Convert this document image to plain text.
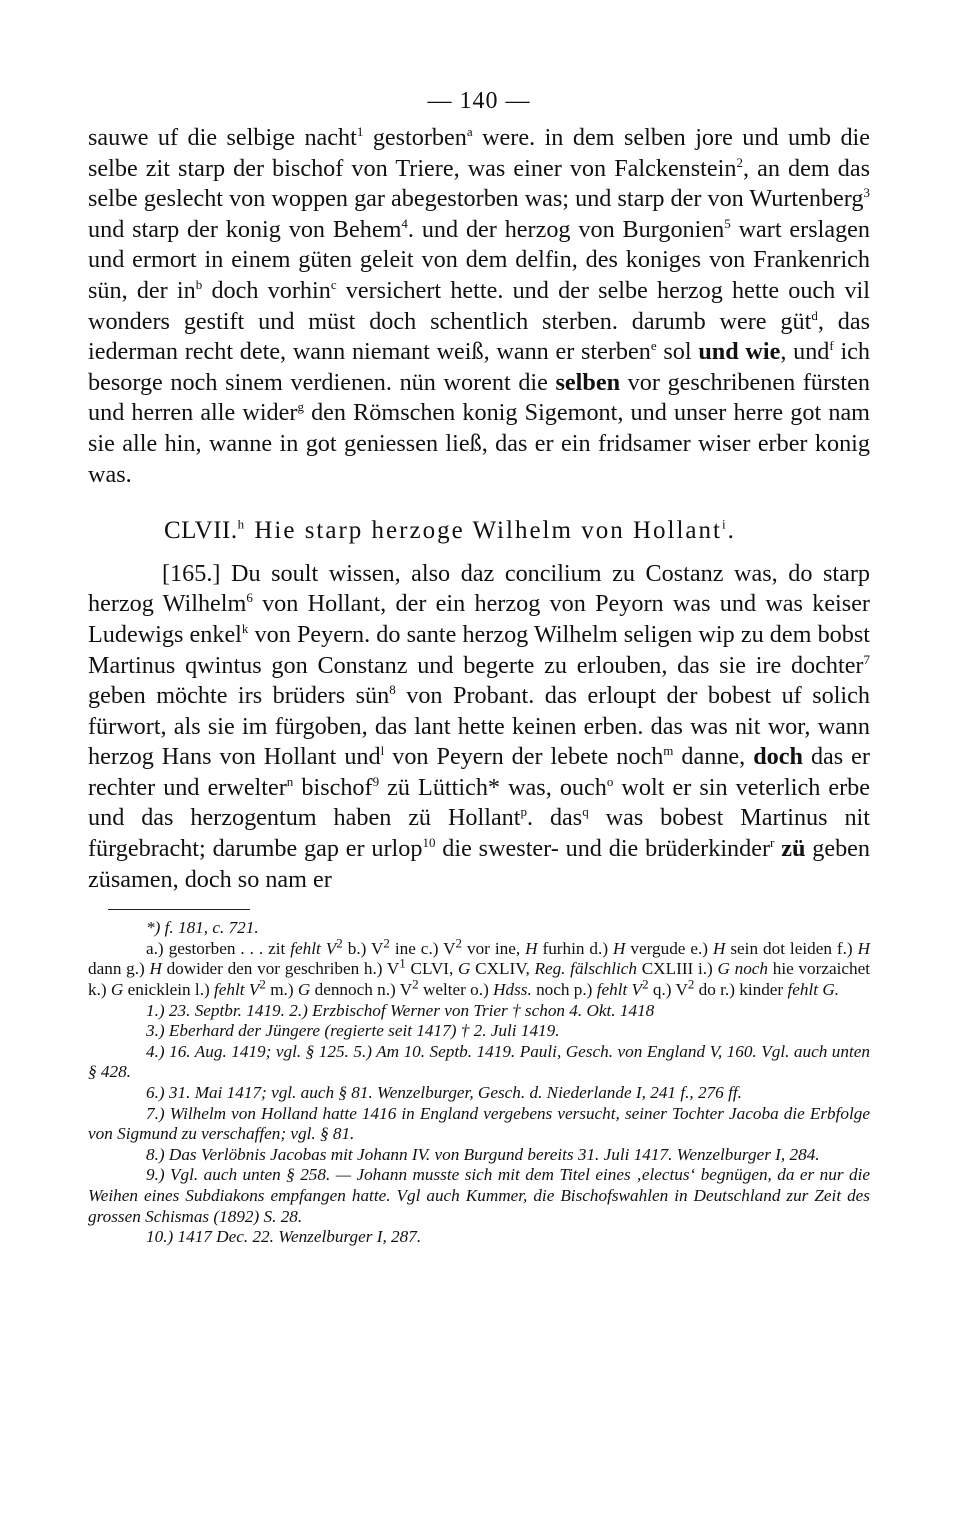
— 140 —

sauwe uf die selbige nacht$^1$ gestorben$^a$ were. in dem selben jore und umb die selbe zit starp der bischof von Triere, was einer von Falckenstein$^2$, an dem das selbe geslecht von woppen gar abegestorben was; und starp der von Wurtenberg$^3$ und starp der konig von Behem$^4$. und der herzog von Burgonien$^5$ wart erslagen und ermort in einem güten geleit von dem delfin, des koniges von Frankenrich sün, der $in^b$ doch vorhin$^c$ versichert hette. und der selbe herzog hette ouch vil wonders gestift und müst doch schentlich sterben. darumb were güt$^d$, das iederman recht dete, wann niemant weiß, wann er sterben$^e$ sol und wie, und$^f$ ich besorge noch sinem verdienen. nün worent die selben vor geschribenen fürsten und herren alle wider$^g$ den Römschen konig Sigemont, und unser herre got nam sie alle hin, wanne in got geniessen ließ, das er ein fridsamer wiser erber konig was.

CLVII.$^h$ Hie starp herzoge Wilhelm von Hollant$^i$.

[165.] Du soult wissen, also daz concilium zu Costanz was, do starp herzog Wilhelm$^6$ von Hollant, der ein herzog von Peyorn was und was keiser Ludewigs enkel$^k$ von Peyern. do sante herzog Wilhelm seligen wip zu dem bobst Martinus qwintus gon Constanz und begerte zu erlouben, das sie ire dochter$^7$ geben möchte irs brüders sün$^8$ von Probant. das erloupt der bobest uf solich fürwort, als sie im fürgoben, das lant hette keinen erben. das was nit wor, wann herzog Hans von Hollant und$^l$ von Peyern der lebete noch$^m$ danne, doch das er rechter und erwelter$^n$ bischof$^9$ zü Lüttich* was, ouch$^o$ wolt er sin veterlich erbe und das herzogentum haben zü Hollant$^p$. das$^q$ was bobest Martinus nit fürgebracht; darumbe gap er urlop$^{10}$ die swester- und die brüderkinder$^r$ zü geben züsamen, doch so nam er

*) f. 181, c. 721.

a.) gestorben . . . zit fehlt $V^2$ b.) $V^2$ ine c.) $V^2$ vor ine, H furhin d.) H vergude e.) H sein dot leiden f.) H dann g.) H dowider den vor geschriben h.) $V^1$ CLVI, G CXLIV, Reg. fälschlich CXLIII i.) G noch hie vorzaichet k.) G enicklein l.) fehlt $V^2$ m.) G dennoch n.) $V^2$ welter o.) Hdss. noch p.) fehlt $V^2$ q.) $V^2$ do r.) kinder fehlt G.

1.) 23. Septbr. 1419. 2.) Erzbischof Werner von Trier † schon 4. Okt. 1418

3.) Eberhard der Jüngere (regierte seit 1417) † 2. Juli 1419.

4.) 16. Aug. 1419; vgl. § 125. 5.) Am 10. Septb. 1419. Pauli, Gesch. von England V, 160. Vgl. auch unten § 428.

6.) 31. Mai 1417; vgl. auch § 81. Wenzelburger, Gesch. d. Niederlande I, 241 f., 276 ff.

7.) Wilhelm von Holland hatte 1416 in England vergebens versucht, seiner Tochter Jacoba die Erbfolge von Sigmund zu verschaffen; vgl. § 81.

8.) Das Verlöbnis Jacobas mit Johann IV. von Burgund bereits 31. Juli 1417. Wenzelburger I, 284.

9.) Vgl. auch unten § 258. — Johann musste sich mit dem Titel eines ‚electus‘ begnügen, da er nur die Weihen eines Subdiakons empfangen hatte. Vgl auch Kummer, die Bischofswahlen in Deutschland zur Zeit des grossen Schismas (1892) S. 28.

10.) 1417 Dec. 22. Wenzelburger I, 287.
